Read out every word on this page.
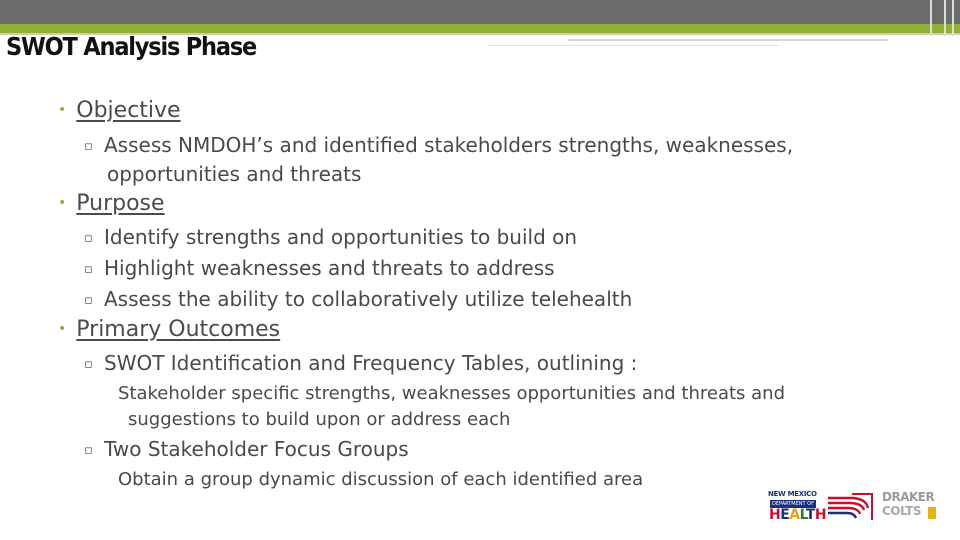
SWOT Analysis Phase
• Objective
▫ Assess NMDOH’s and identified stakeholders strengths, weaknesses,
opportunities and threats
• Purpose
▫ Identify strengths and opportunities to build on
▫ Highlight weaknesses and threats to address
▫ Assess the ability to collaboratively utilize telehealth
• Primary Outcomes
▫ SWOT Identification and Frequency Tables, outlining :
Stakeholder specific strengths, weaknesses opportunities and threats and
suggestions to build upon or address each
▫ Two Stakeholder Focus Groups
Obtain a group dynamic discussion of each identified area
NEW MEXICO
DEPARTMENT OF
HEALTH
DRAKER
COLTS
